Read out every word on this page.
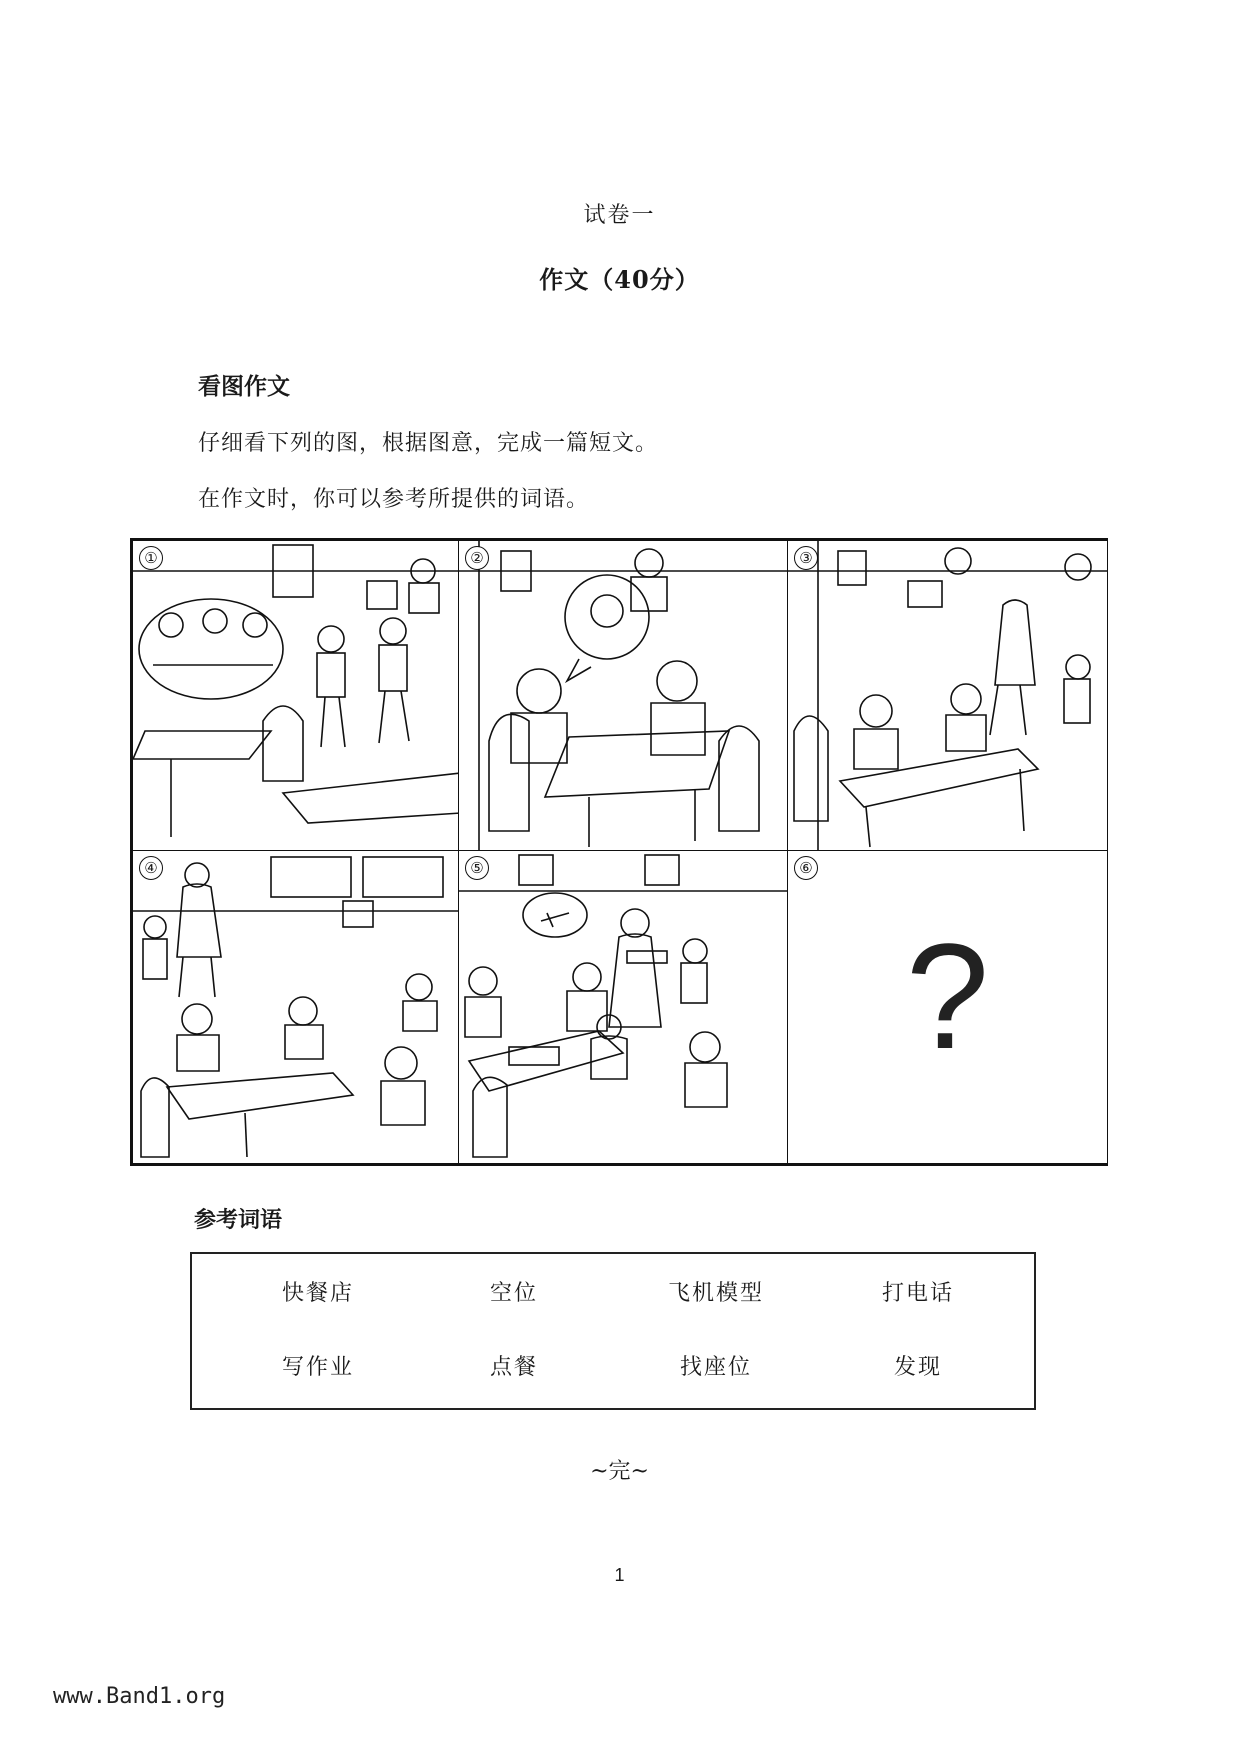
试卷一
作文（40分）
看图作文
仔细看下列的图，根据图意，完成一篇短文。
在作文时，你可以参考所提供的词语。
①	②	③
④	⑤	⑥
?
参考词语
快餐店	空位	飞机模型	打电话
写作业	点餐	找座位	发现
~完~
1
www.Band1.org
